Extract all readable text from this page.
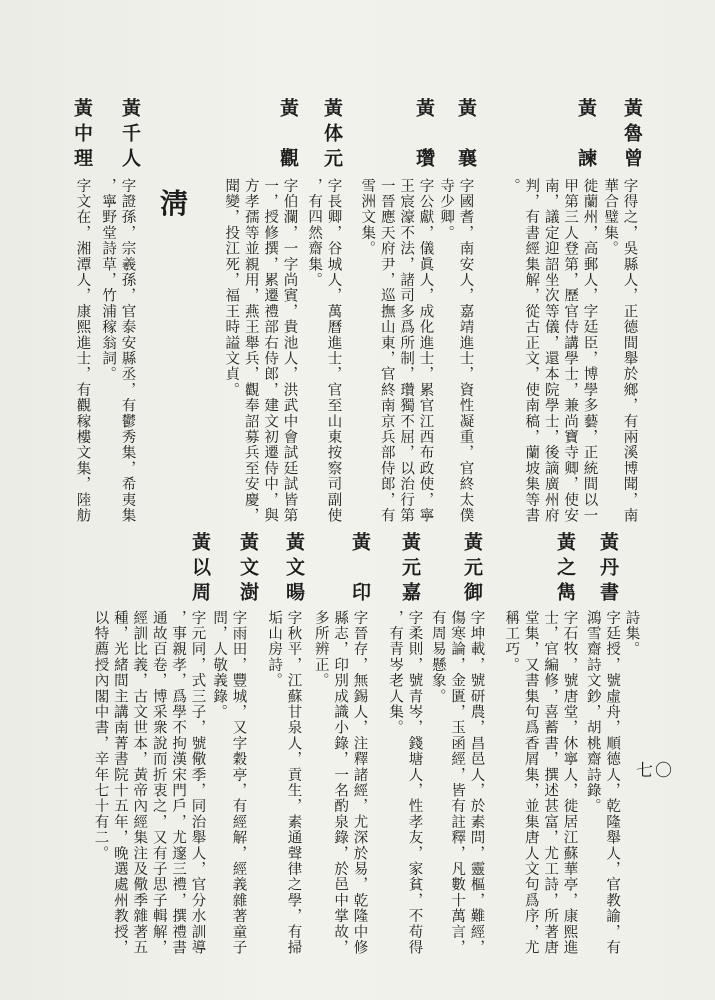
黃魯曾
字得之，吳縣人，正德間舉於鄉，有兩溪博聞，南
華合璧集。
黃　諫
徙蘭州，高郵人，字廷臣，博學多藝，正統間以一
甲第三人登第，歷官侍講學士，兼尚寶寺卿，使安
南，議定迎詔坐次等儀，還本院學士，後謫廣州府
判，有書經集解，從古正文，使南稿，蘭坡集等書
。
黃　襄
字國耆，南安人，嘉靖進士，資性凝重，官終太僕
寺少卿。
黃　瓚
字公獻，儀眞人，成化進士，累官江西布政使，寧
王宸濠不法，諸司多爲所制，瓚獨不屈，以治行第
一晉應天府尹，巡撫山東，官終南京兵部侍郎，有
雪洲文集。
黃体元
字長卿，谷城人，萬曆進士，官至山東按察司副使
，有四然齋集。
黃　觀
字伯瀾，一字尚賓，貴池人，洪武中會試廷試皆第
一，授修撰，累遷禮部右侍郎，建文初遷侍中，與
方孝孺等並親用，燕王舉兵，觀奉詔募兵至安慶，
聞變，投江死，福王時謚文貞。
淸
黃千人
字證孫，宗羲孫，官泰安縣丞，有鬱秀集，希夷集
，寧野堂詩草，竹浦稼翁詞。
黃中理
字文在，湘潭人，康熙進士，有觀稼樓文集，陸舫
黃丹書
詩集。
字廷授，號虛舟，順德人，乾隆舉人，官教諭，有
鴻雪齋詩文鈔，胡桃齋詩錄。
黃之雋
字石牧，號唐堂，休寧人，徙居江蘇華亭，康熙進
士，官編修，喜蓄書，撰述甚富，尤工詩，所著唐
堂集，又書集句爲香屑集，並集唐人文句爲序，尤
稱工巧。
黃元御
字坤載，號研農，昌邑人，於素問，靈樞，難經，
傷寒論，金匱，玉函經，皆有註釋，凡數十萬言，
有周易懸象。
黃元嘉
字柔則，號青岑，錢塘人，性孝友，家貧，不苟得
，有青岑老人集。
黃　印
字晉存，無錫人，注釋諸經，尤深於易，乾隆中修
縣志，印別成識小錄，一名酌泉錄，於邑中掌故，
多所辨正。
黃文暘
字秋平，江蘇甘泉人，貢生，素通聲律之學，有掃
垢山房詩。
黃文澍
字雨田，豐城，又字穀亭，有經解，經義雜著童子
問，人敬義錄。
黃以周
字元同，式三子，號儆季，同治舉人，官分水訓導
，事親孝，爲學不拘漢宋門戶，尤邃三禮，撰禮書
通故百卷，博采衆說而折衷之，又有子思子輯解，
經訓比義，古文世本，黃帝內經集注及儆季雜著五
種，光緒間主講南菁書院十五年，晚選處州教授，
以特薦授內閣中書，辛年七十有二。	七〇
